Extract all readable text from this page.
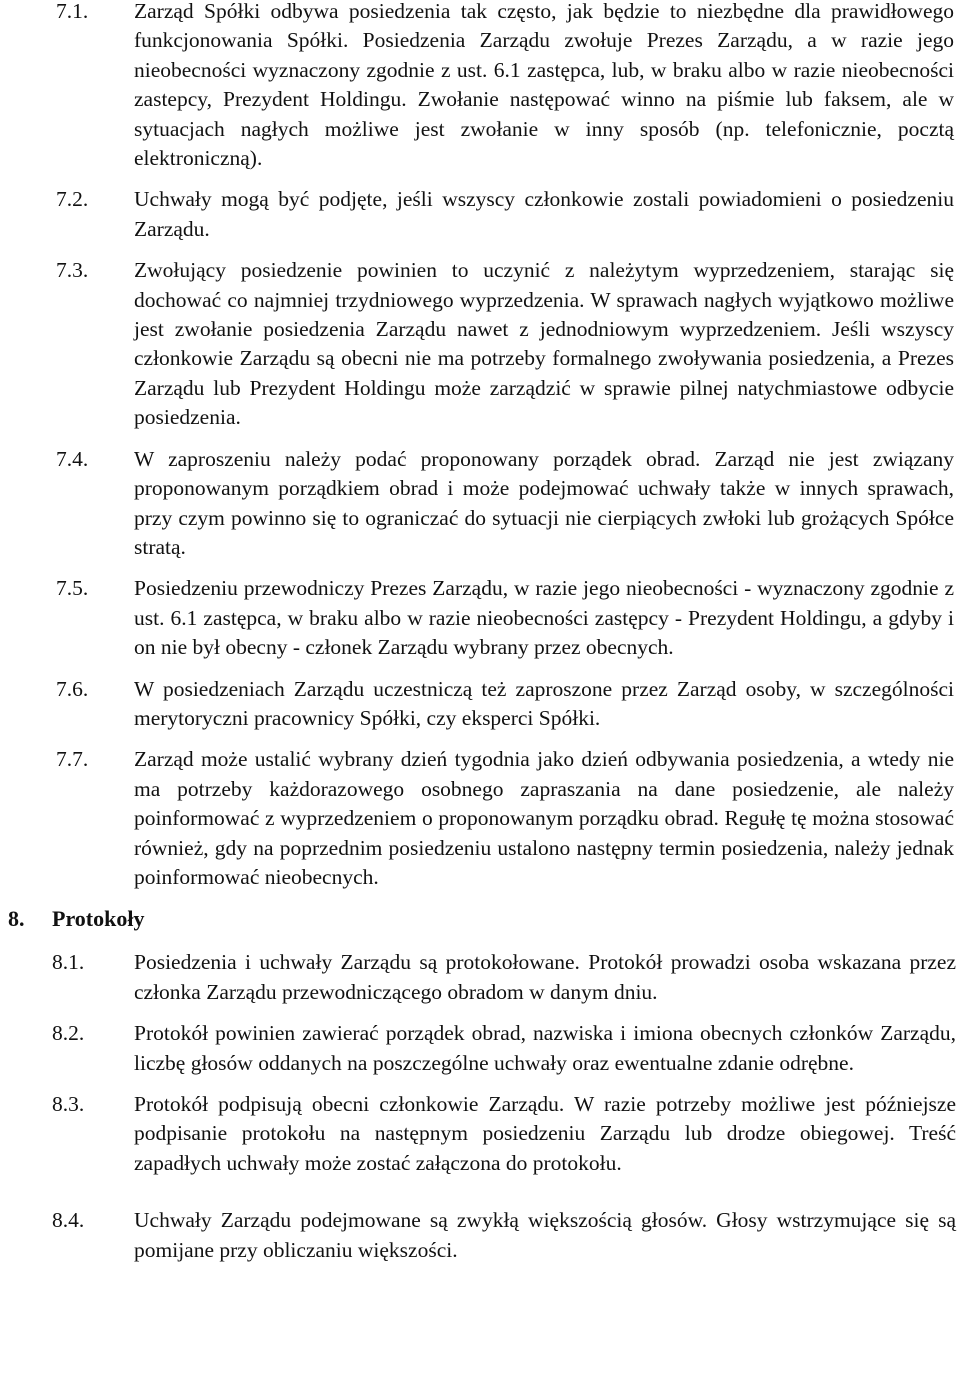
7.1.	Zarząd Spółki odbywa posiedzenia tak często, jak będzie to niezbędne dla prawidłowego funkcjonowania Spółki. Posiedzenia Zarządu zwołuje Prezes Zarządu, a w razie jego nieobecności wyznaczony zgodnie z ust. 6.1 zastępca, lub, w braku albo w razie nieobecności zastepcy, Prezydent Holdingu. Zwołanie następować winno na piśmie lub faksem, ale w sytuacjach nagłych możliwe jest zwołanie w inny sposób (np. telefonicznie, pocztą elektroniczną).
7.2.	Uchwały mogą być podjęte, jeśli wszyscy członkowie zostali powiadomieni o posiedzeniu Zarządu.
7.3.	Zwołujący posiedzenie powinien to uczynić z należytym wyprzedzeniem, starając się dochować co najmniej trzydniowego wyprzedzenia. W sprawach nagłych wyjątkowo możliwe jest zwołanie posiedzenia Zarządu nawet z jednodniowym wyprzedzeniem. Jeśli wszyscy członkowie Zarządu są obecni nie ma potrzeby formalnego zwoływania posiedzenia, a Prezes Zarządu lub Prezydent Holdingu może zarządzić w sprawie pilnej natychmiastowe odbycie posiedzenia.
7.4.	W zaproszeniu należy podać proponowany porządek obrad. Zarząd nie jest związany proponowanym porządkiem obrad i może podejmować uchwały także w innych sprawach, przy czym powinno się to ograniczać do sytuacji nie cierpiących zwłoki lub grożących Spółce stratą.
7.5.	Posiedzeniu przewodniczy Prezes Zarządu, w razie jego nieobecności - wyznaczony zgodnie z ust. 6.1 zastępca, w braku albo w razie nieobecności zastępcy - Prezydent Holdingu, a gdyby i on nie był obecny - członek Zarządu wybrany przez obecnych.
7.6.	W posiedzeniach Zarządu uczestniczą też zaproszone przez Zarząd osoby, w szczególności merytoryczni pracownicy Spółki, czy eksperci Spółki.
7.7.	Zarząd może ustalić wybrany dzień tygodnia jako dzień odbywania posiedzenia, a wtedy nie ma potrzeby każdorazowego osobnego zapraszania na dane posiedzenie, ale należy poinformować z wyprzedzeniem o proponowanym porządku obrad. Regułę tę można stosować również, gdy na poprzednim posiedzeniu ustalono następny termin posiedzenia, należy jednak poinformować nieobecnych.
8.	Protokoły
8.1.	Posiedzenia i uchwały Zarządu są protokołowane. Protokół prowadzi osoba wskazana przez członka Zarządu przewodniczącego obradom w danym dniu.
8.2.	Protokół powinien zawierać porządek obrad, nazwiska i imiona obecnych członków Zarządu, liczbę głosów oddanych na poszczególne uchwały oraz ewentualne zdanie odrębne.
8.3.	Protokół podpisują obecni członkowie Zarządu. W razie potrzeby możliwe jest późniejsze podpisanie protokołu na następnym posiedzeniu Zarządu lub drodze obiegowej. Treść zapadłych uchwały może zostać załączona do protokołu.
8.4.	Uchwały Zarządu podejmowane są zwykłą większością głosów. Głosy wstrzymujące się są pomijane przy obliczaniu większości.
